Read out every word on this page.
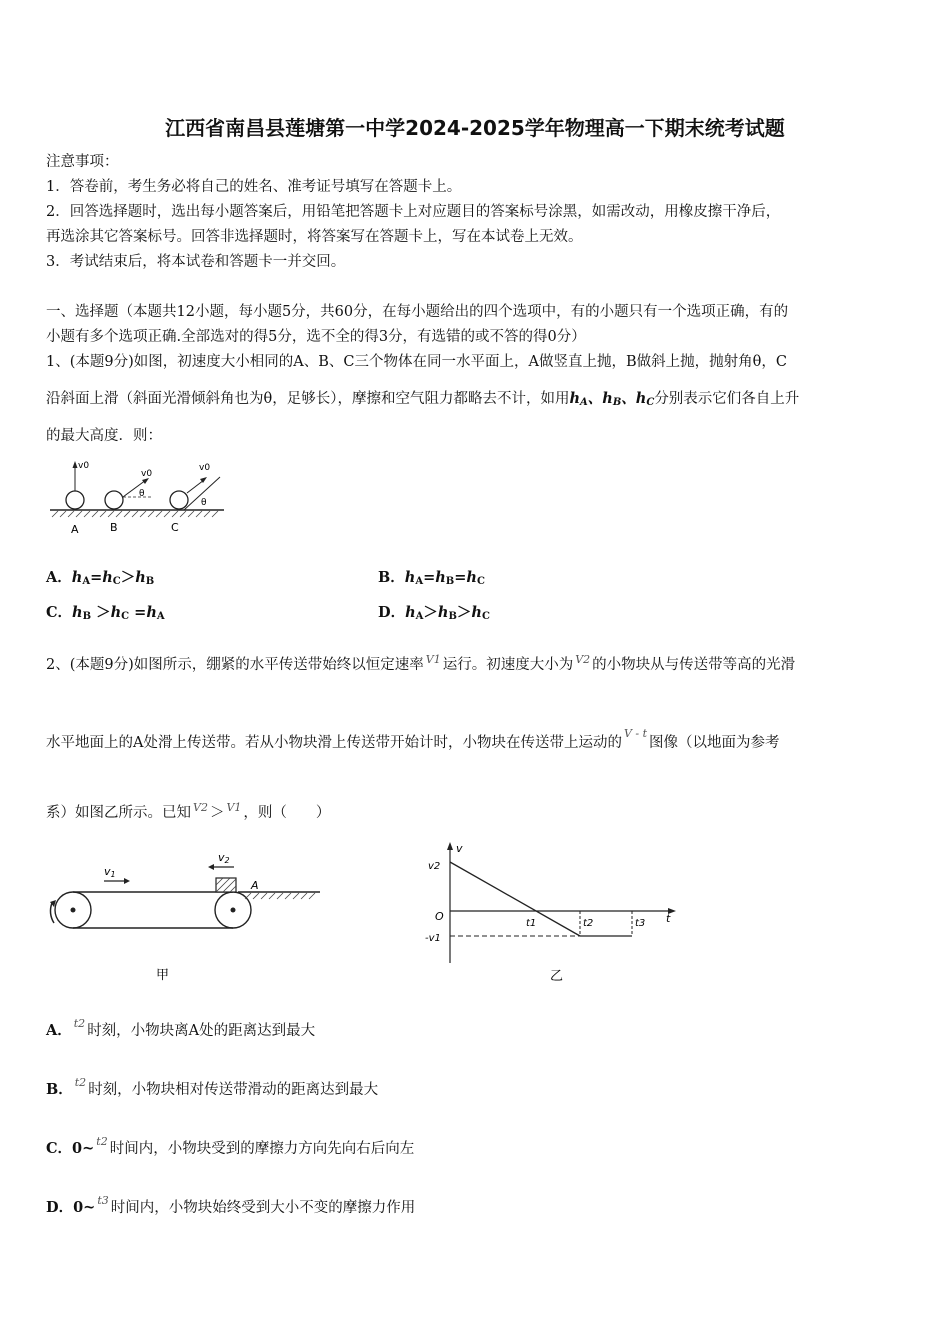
江西省南昌县莲塘第一中学2024-2025学年物理高一下期末统考试题
注意事项：
1．答卷前，考生务必将自己的姓名、准考证号填写在答题卡上。
2．回答选择题时，选出每小题答案后，用铅笔把答题卡上对应题目的答案标号涂黑，如需改动，用橡皮擦干净后，
再选涂其它答案标号。回答非选择题时，将答案写在答题卡上，写在本试卷上无效。
3．考试结束后，将本试卷和答题卡一并交回。
一、选择题（本题共12小题，每小题5分，共60分，在每小题给出的四个选项中，有的小题只有一个选项正确，有的
小题有多个选项正确.全部选对的得5分，选不全的得3分，有选错的或不答的得0分）
1、(本题9分)如图，初速度大小相同的A、B、C三个物体在同一水平面上，A做竖直上抛，B做斜上抛，抛射角θ，C
沿斜面上滑（斜面光滑倾斜角也为θ，足够长），摩擦和空气阻力都略去不计，如用$h_A$、$h_B$、$h_C$分别表示它们各自上升
的最大高度．则：
v0
v0
θ
v0
θ
A	B	C
A．$h_A=h_C>h_B$	B．$h_A=h_B=h_C$
C．$h_B >h_C =h_A$	D．$h_A>h_B>h_C$
2、(本题9分)如图所示，绷紧的水平传送带始终以恒定速率 $^{V1}$ 运行。初速度大小为 $^{V2}$ 的小物块从与传送带等高的光滑
水平地面上的A处滑上传送带。若从小物块滑上传送带开始计时，小物块在传送带上运动的$^{V - t}$图像（以地面为参考
系）如图乙所示。已知 $^{V2}$ ＞ $^{V1}$ ，则（　　）
A
v1
v2
甲
v
t
O
v2
-v1
t1	t2	t3
乙
A． $^{t2}$ 时刻，小物块离A处的距离达到最大
B． $^{t2}$ 时刻，小物块相对传送带滑动的距离达到最大
C．0~ $^{t2}$ 时间内，小物块受到的摩擦力方向先向右后向左
D．0~ $^{t3}$ 时间内，小物块始终受到大小不变的摩擦力作用
